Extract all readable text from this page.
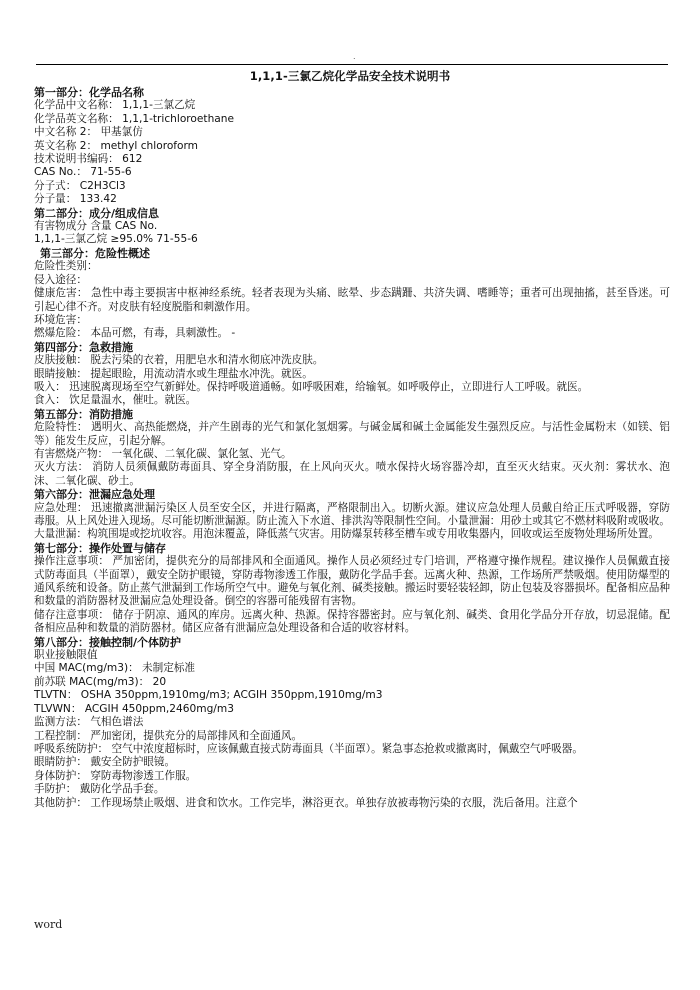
.
1,1,1-三氯乙烷化学品安全技术说明书

第一部分：化学品名称

化学品中文名称： 1,1,1-三氯乙烷

化学品英文名称： 1,1,1-trichloroethane

中文名称 2： 甲基氯仿

英文名称 2： methyl chloroform

技术说明书编码： 612

CAS No.： 71-55-6

分子式： C2H3Cl3

分子量： 133.42

第二部分：成分/组成信息

有害物成分 含量 CAS No.

1,1,1-三氯乙烷 ≥95.0% 71-55-6

第三部分：危险性概述

危险性类别：

侵入途径：

健康危害： 急性中毒主要损害中枢神经系统。轻者表现为头痛、眩晕、步态蹒跚、共济失调、嗜睡等；重者可出现抽搐，甚至昏迷。可引起心律不齐。对皮肤有轻度脱脂和刺激作用。

环境危害：

燃爆危险： 本品可燃，有毒，具刺激性。 -

第四部分：急救措施

皮肤接触： 脱去污染的衣着，用肥皂水和清水彻底冲洗皮肤。

眼睛接触： 提起眼睑，用流动清水或生理盐水冲洗。就医。

吸入： 迅速脱离现场至空气新鲜处。保持呼吸道通畅。如呼吸困难，给输氧。如呼吸停止，立即进行人工呼吸。就医。

食入： 饮足量温水，催吐。就医。

第五部分：消防措施

危险特性： 遇明火、高热能燃烧，并产生剧毒的光气和氯化氢烟雾。与碱金属和碱土金属能发生强烈反应。与活性金属粉末（如镁、铝等）能发生反应，引起分解。

有害燃烧产物： 一氧化碳、二氧化碳、氯化氢、光气。

灭火方法： 消防人员须佩戴防毒面具、穿全身消防服，在上风向灭火。喷水保持火场容器冷却，直至灭火结束。灭火剂：雾状水、泡沫、二氧化碳、砂土。

第六部分：泄漏应急处理

应急处理： 迅速撤离泄漏污染区人员至安全区，并进行隔离，严格限制出入。切断火源。建议应急处理人员戴自给正压式呼吸器，穿防毒服。从上风处进入现场。尽可能切断泄漏源。防止流入下水道、排洪沟等限制性空间。小量泄漏：用砂土或其它不燃材料吸附或吸收。大量泄漏：构筑围堤或挖坑收容。用泡沫覆盖，降低蒸气灾害。用防爆泵转移至槽车或专用收集器内，回收或运至废物处理场所处置。

第七部分：操作处置与储存

操作注意事项： 严加密闭，提供充分的局部排风和全面通风。操作人员必须经过专门培训，严格遵守操作规程。建议操作人员佩戴直接式防毒面具（半面罩），戴安全防护眼镜，穿防毒物渗透工作服，戴防化学品手套。远离火种、热源，工作场所严禁吸烟。使用防爆型的通风系统和设备。防止蒸气泄漏到工作场所空气中。避免与氧化剂、碱类接触。搬运时要轻装轻卸，防止包装及容器损坏。配备相应品种和数量的消防器材及泄漏应急处理设备。倒空的容器可能残留有害物。

储存注意事项： 储存于阴凉、通风的库房。远离火种、热源。保持容器密封。应与氧化剂、碱类、食用化学品分开存放，切忌混储。配备相应品种和数量的消防器材。储区应备有泄漏应急处理设备和合适的收容材料。

第八部分：接触控制/个体防护

职业接触限值

中国 MAC(mg/m3)： 未制定标准

前苏联 MAC(mg/m3)： 20

TLVTN： OSHA 350ppm,1910mg/m3; ACGIH 350ppm,1910mg/m3

TLVWN： ACGIH 450ppm,2460mg/m3

监测方法： 气相色谱法

工程控制： 严加密闭，提供充分的局部排风和全面通风。

呼吸系统防护： 空气中浓度超标时，应该佩戴直接式防毒面具（半面罩）。紧急事态抢救或撤离时，佩戴空气呼吸器。

眼睛防护： 戴安全防护眼镜。

身体防护： 穿防毒物渗透工作服。

手防护： 戴防化学品手套。

其他防护： 工作现场禁止吸烟、进食和饮水。工作完毕，淋浴更衣。单独存放被毒物污染的衣服，洗后备用。注意个

word
